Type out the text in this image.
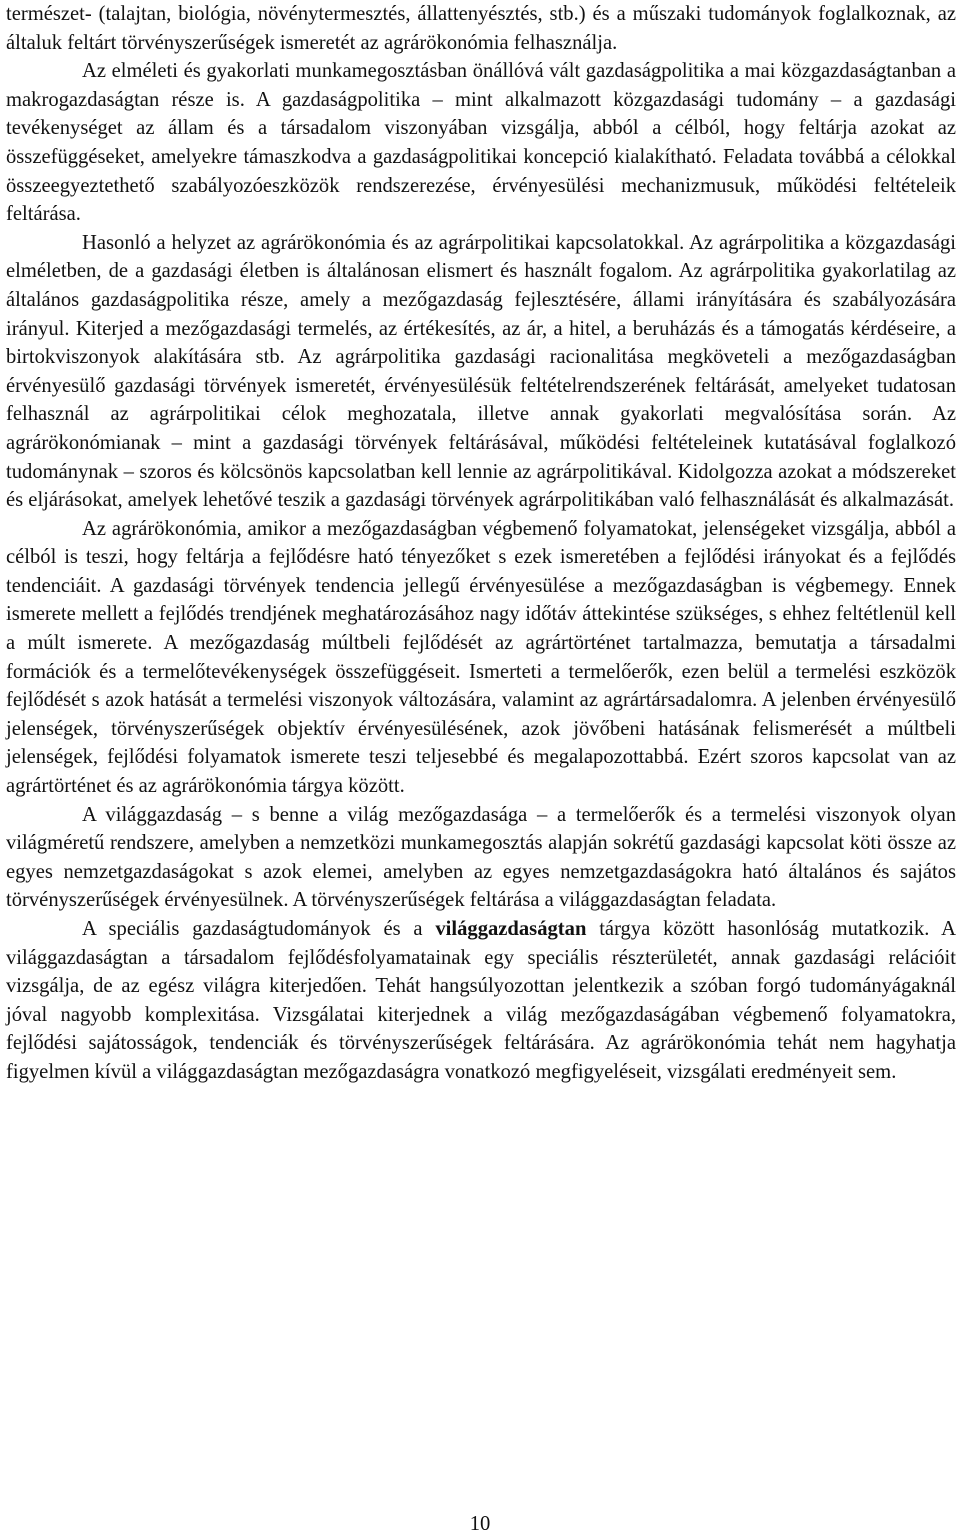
természet- (talajtan, biológia, növénytermesztés, állattenyésztés, stb.) és a műszaki tudományok foglalkoznak, az általuk feltárt törvényszerűségek ismeretét az agrárökonómia felhasználja.

Az elméleti és gyakorlati munkamegosztásban önállóvá vált gazdaságpolitika a mai közgazdaságtanban a makrogazdaságtan része is. A gazdaságpolitika – mint alkalmazott közgazdasági tudomány – a gazdasági tevékenységet az állam és a társadalom viszonyában vizsgálja, abból a célból, hogy feltárja azokat az összefüggéseket, amelyekre támaszkodva a gazdaságpolitikai koncepció kialakítható. Feladata továbbá a célokkal összeegyeztethető szabályozóeszközök rendszerezése, érvényesülési mechanizmusuk, működési feltételeik feltárása.

Hasonló a helyzet az agrárökonómia és az agrárpolitikai kapcsolatokkal. Az agrárpolitika a közgazdasági elméletben, de a gazdasági életben is általánosan elismert és használt fogalom. Az agrárpolitika gyakorlatilag az általános gazdaságpolitika része, amely a mezőgazdaság fejlesztésére, állami irányítására és szabályozására irányul. Kiterjed a mezőgazdasági termelés, az értékesítés, az ár, a hitel, a beruházás és a támogatás kérdéseire, a birtokviszonyok alakítására stb. Az agrárpolitika gazdasági racionalitása megköveteli a mezőgazdaságban érvényesülő gazdasági törvények ismeretét, érvényesülésük feltételrendszerének feltárását, amelyeket tudatosan felhasznál az agrárpolitikai célok meghozatala, illetve annak gyakorlati megvalósítása során. Az agrárökonómianak – mint a gazdasági törvények feltárásával, működési feltételeinek kutatásával foglalkozó tudománynak – szoros és kölcsönös kapcsolatban kell lennie az agrárpolitikával. Kidolgozza azokat a módszereket és eljárásokat, amelyek lehetővé teszik a gazdasági törvények agrárpolitikában való felhasználását és alkalmazását.

Az agrárökonómia, amikor a mezőgazdaságban végbemenő folyamatokat, jelenségeket vizsgálja, abból a célból is teszi, hogy feltárja a fejlődésre ható tényezőket s ezek ismeretében a fejlődési irányokat és a fejlődés tendenciáit. A gazdasági törvények tendencia jellegű érvényesülése a mezőgazdaságban is végbemegy. Ennek ismerete mellett a fejlődés trendjének meghatározásához nagy időtáv áttekintése szükséges, s ehhez feltétlenül kell a múlt ismerete. A mezőgazdaság múltbeli fejlődését az agrártörténet tartalmazza, bemutatja a társadalmi formációk és a termelőtevékenységek összefüggéseit. Ismerteti a termelőerők, ezen belül a termelési eszközök fejlődését s azok hatását a termelési viszonyok változására, valamint az agrártársadalomra. A jelenben érvényesülő jelenségek, törvényszerűségek objektív érvényesülésének, azok jövőbeni hatásának felismerését a múltbeli jelenségek, fejlődési folyamatok ismerete teszi teljesebbé és megalapozottabbá. Ezért szoros kapcsolat van az agrártörténet és az agrárökonómia tárgya között.

A világgazdaság – s benne a világ mezőgazdasága – a termelőerők és a termelési viszonyok olyan világméretű rendszere, amelyben a nemzetközi munkamegosztás alapján sokrétű gazdasági kapcsolat köti össze az egyes nemzetgazdaságokat s azok elemei, amelyben az egyes nemzetgazdaságokra ható általános és sajátos törvényszerűségek érvényesülnek. A törvényszerűségek feltárása a világgazdaságtan feladata.

A speciális gazdaságtudományok és a világgazdaságtan tárgya között hasonlóság mutatkozik. A világgazdaságtan a társadalom fejlődésfolyamatainak egy speciális részterületét, annak gazdasági relációit vizsgálja, de az egész világra kiterjedően. Tehát hangsúlyozottan jelentkezik a szóban forgó tudományágaknál jóval nagyobb komplexitása. Vizsgálatai kiterjednek a világ mezőgazdaságában végbemenő folyamatokra, fejlődési sajátosságok, tendenciák és törvényszerűségek feltárására. Az agrárökonómia tehát nem hagyhatja figyelmen kívül a világgazdaságtan mezőgazdaságra vonatkozó megfigyeléseit, vizsgálati eredményeit sem.

10
